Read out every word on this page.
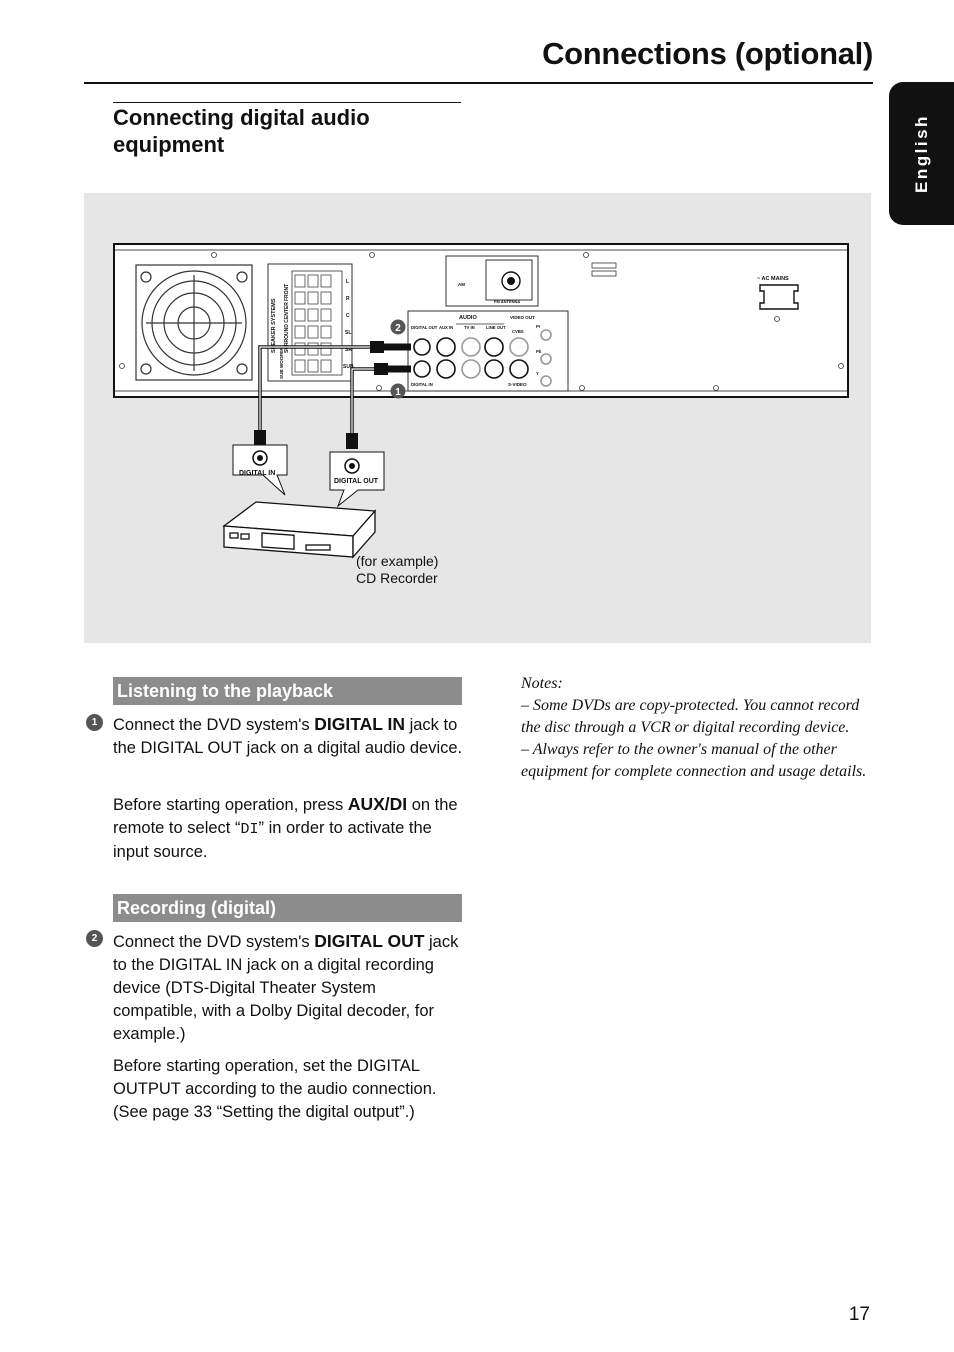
Connections (optional)
English
Connecting digital audio equipment
SPEAKER SYSTEMS
FRONT
SURROUND CENTER
SUB WOOFER
L
R
C
SL
SR
SUB
AM
FM ANTENNA
~ AC MAINS
AUDIO	VIDEO OUT
DIGITAL OUT AUX IN	TV IN	LINE OUT
CVBS
Pr
Pb
Y
S-VIDEO
DIGITAL IN
2
1
DIGITAL IN
DIGITAL OUT
(for example)
CD Recorder
Listening to the playback
1 Connect the DVD system's DIGITAL IN jack to the DIGITAL OUT jack on a digital audio device.
Before starting operation, press AUX/DI on the remote to select “DI” in order to activate the input source.
Recording (digital)
2 Connect the DVD system's DIGITAL OUT jack to the DIGITAL IN jack on a digital recording device (DTS-Digital Theater System compatible, with a Dolby Digital decoder, for example.)
Before starting operation, set the DIGITAL OUTPUT according to the audio connection. (See page 33 “Setting the digital output”.)
Notes:
– Some DVDs are copy-protected. You cannot record the disc through a VCR or digital recording device.
– Always refer to the owner's manual of the other equipment for complete connection and usage details.
17
